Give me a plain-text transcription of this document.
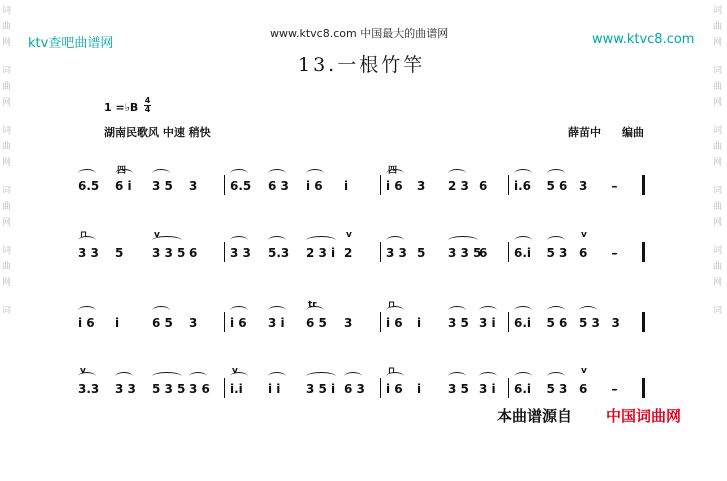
词
曲
网
词
曲
网
词
曲
网
词
曲
网
词
曲
网
词
词
曲
网
词
曲
网
词
曲
网
词
曲
网
词
曲
网
词
ktv查吧曲谱网
www.ktvc8.com 中国最大的曲谱网	www.ktvc8.com
13.一根竹竿
1 =♭B
4
4
湖南民歌风 中速 稍快	薛苗中 编曲
6.5 6 i 3 5 3	6.5 6 3 i 6 i	i 6 3 2 3 6 i.6 5 6 3 –
四	四
3 3 5 3 3 5 6	3 3 5.3 2 3 i 2	3 3 5 3 3 5
6 6.i 5 3 6 –
⊓	v	v	v
i 6 i	6 5 3	i 6 3 i 6 5 3	i 6 i 3 5 3 i 6.i 5 6 5 3 3
tr	⊓
3.3 3 3 5 3 5 3 6 i.i i i 3 5 i 6 3 i 6 i 3 5 3 i 6.i 5 3 6 –
v	v	⊓	v
本曲谱源自 中国词曲网
